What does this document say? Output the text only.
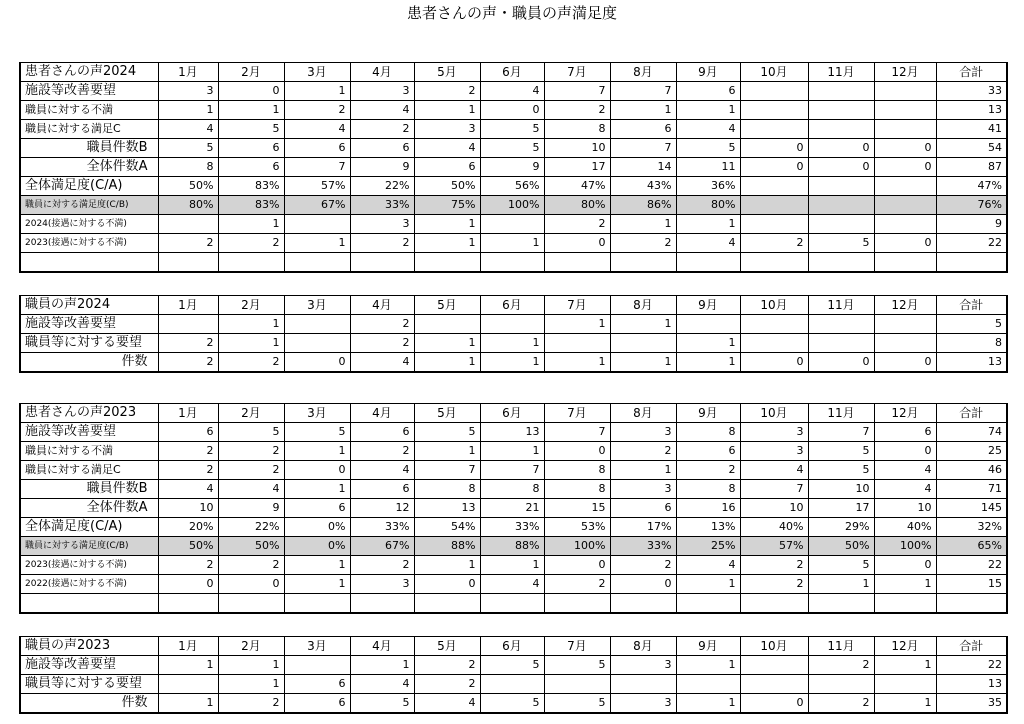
患者さんの声・職員の声満足度
患者さんの声2024	1月	2月	3月	4月	5月	6月	7月	8月	9月	10月	11月	12月	合計
施設等改善要望	3	0	1	3	2	4	7	7	6				33
職員に対する不満	1	1	2	4	1	0	2	1	1				13
職員に対する満足C	4	5	4	2	3	5	8	6	4				41
職員件数B	5	6	6	6	4	5	10	7	5	0	0	0	54
全体件数A	8	6	7	9	6	9	17	14	11	0	0	0	87
全体満足度(C/A)	50%	83%	57%	22%	50%	56%	47%	43%	36%				47%
職員に対する満足度(C/B)	80%	83%	67%	33%	75%	100%	80%	86%	80%				76%
2024(接遇に対する不満)		1		3	1		2	1	1				9
2023(接遇に対する不満)	2	2	1	2	1	1	0	2	4	2	5	0	22

職員の声2024	1月	2月	3月	4月	5月	6月	7月	8月	9月	10月	11月	12月	合計
施設等改善要望		1		2			1	1					5
職員等に対する要望	2	1		2	1	1			1				8
件数	2	2	0	4	1	1	1	1	1	0	0	0	13
患者さんの声2023	1月	2月	3月	4月	5月	6月	7月	8月	9月	10月	11月	12月	合計
施設等改善要望	6	5	5	6	5	13	7	3	8	3	7	6	74
職員に対する不満	2	2	1	2	1	1	0	2	6	3	5	0	25
職員に対する満足C	2	2	0	4	7	7	8	1	2	4	5	4	46
職員件数B	4	4	1	6	8	8	8	3	8	7	10	4	71
全体件数A	10	9	6	12	13	21	15	6	16	10	17	10	145
全体満足度(C/A)	20%	22%	0%	33%	54%	33%	53%	17%	13%	40%	29%	40%	32%
職員に対する満足度(C/B)	50%	50%	0%	67%	88%	88%	100%	33%	25%	57%	50%	100%	65%
2023(接遇に対する不満)	2	2	1	2	1	1	0	2	4	2	5	0	22
2022(接遇に対する不満)	0	0	1	3	0	4	2	0	1	2	1	1	15

職員の声2023	1月	2月	3月	4月	5月	6月	7月	8月	9月	10月	11月	12月	合計
施設等改善要望	1	1		1	2	5	5	3	1		2	1	22
職員等に対する要望		1	6	4	2								13
件数	1	2	6	5	4	5	5	3	1	0	2	1	35
